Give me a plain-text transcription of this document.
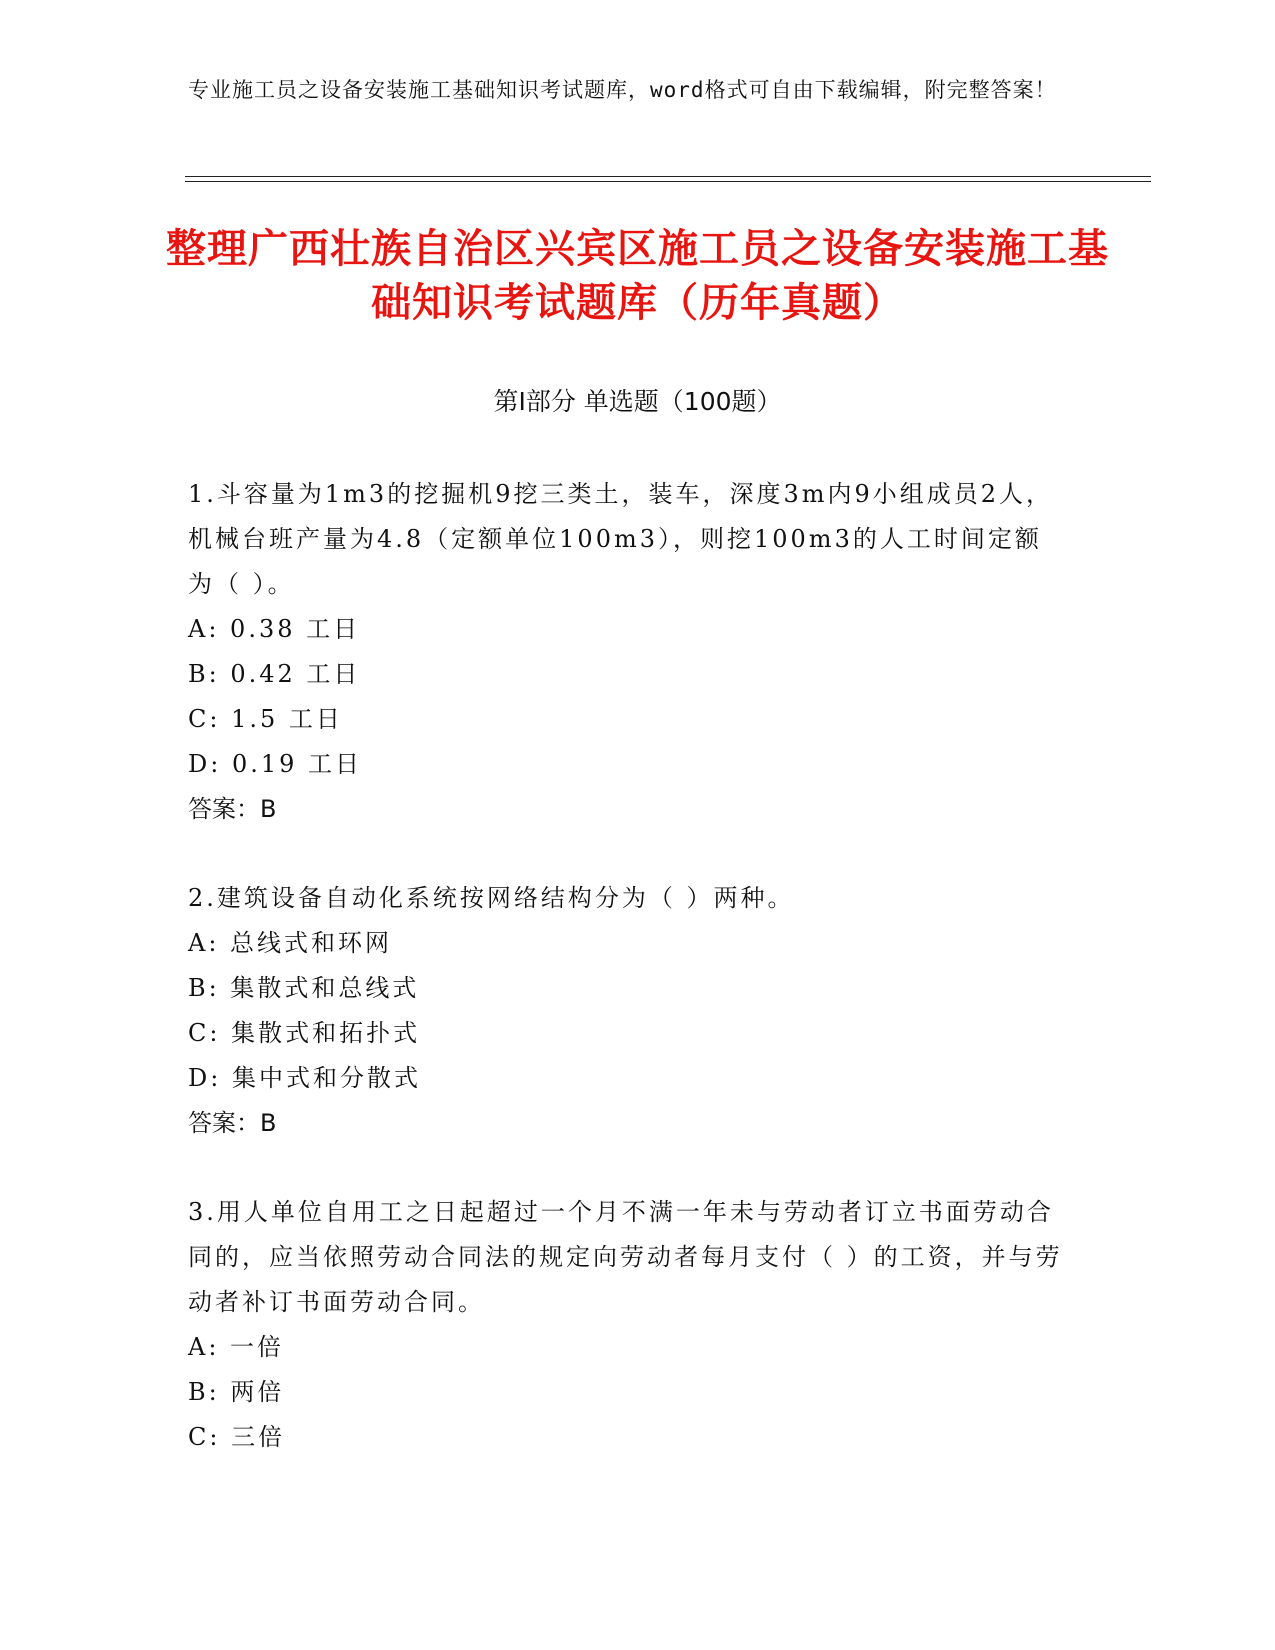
专业施工员之设备安装施工基础知识考试题库，word格式可自由下载编辑，附完整答案！
整理广西壮族自治区兴宾区施工员之设备安装施工基础知识考试题库（历年真题）
第Ⅰ部分 单选题（100题）
1.斗容量为1m3的挖掘机9挖三类土，装车，深度3m内9小组成员2人，机械台班产量为4.8（定额单位100m3），则挖100m3的人工时间定额为（ ）。
A: 0.38 工日
B: 0.42 工日
C: 1.5 工日
D: 0.19 工日
答案：B
2.建筑设备自动化系统按网络结构分为（ ）两种。
A: 总线式和环网
B: 集散式和总线式
C: 集散式和拓扑式
D: 集中式和分散式
答案：B
3.用人单位自用工之日起超过一个月不满一年未与劳动者订立书面劳动合同的，应当依照劳动合同法的规定向劳动者每月支付（ ）的工资，并与劳动者补订书面劳动合同。
A: 一倍
B: 两倍
C: 三倍
